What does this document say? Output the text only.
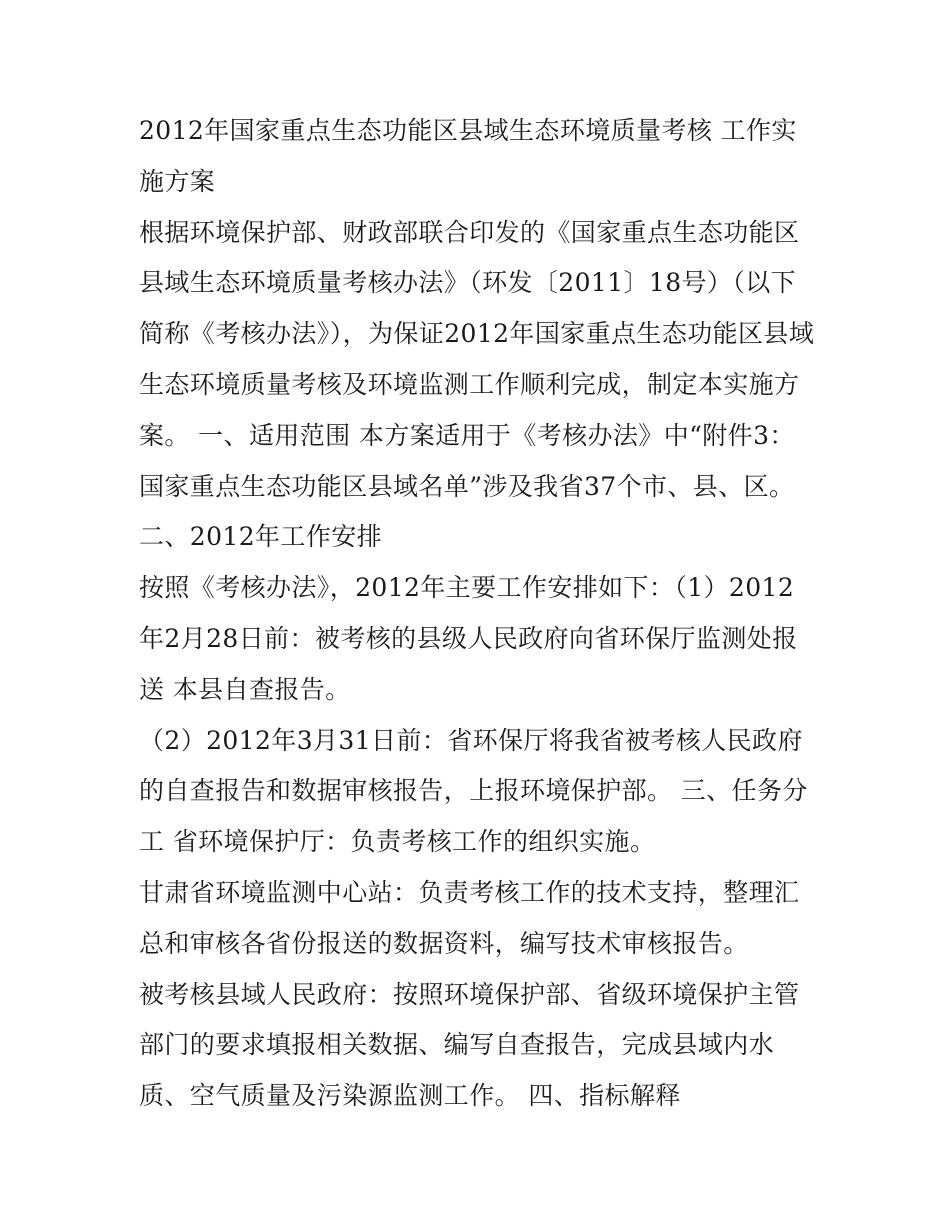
2012年国家重点生态功能区县域生态环境质量考核 工作实施方案

根据环境保护部、财政部联合印发的《国家重点生态功能区县域生态环境质量考核办法》（环发〔2011〕18号）（以下简称《考核办法》），为保证2012年国家重点生态功能区县域生态环境质量考核及环境监测工作顺利完成，制定本实施方案。 一、适用范围 本方案适用于《考核办法》中“附件3：国家重点生态功能区县域名单”涉及我省37个市、县、区。 二、2012年工作安排

按照《考核办法》，2012年主要工作安排如下：（1）2012年2月28日前：被考核的县级人民政府向省环保厅监测处报送 本县自查报告。

（2）2012年3月31日前：省环保厅将我省被考核人民政府的自查报告和数据审核报告，上报环境保护部。 三、任务分工 省环境保护厅：负责考核工作的组织实施。

甘肃省环境监测中心站：负责考核工作的技术支持，整理汇总和审核各省份报送的数据资料，编写技术审核报告。

被考核县域人民政府：按照环境保护部、省级环境保护主管部门的要求填报相关数据、编写自查报告，完成县域内水质、空气质量及污染源监测工作。 四、指标解释
